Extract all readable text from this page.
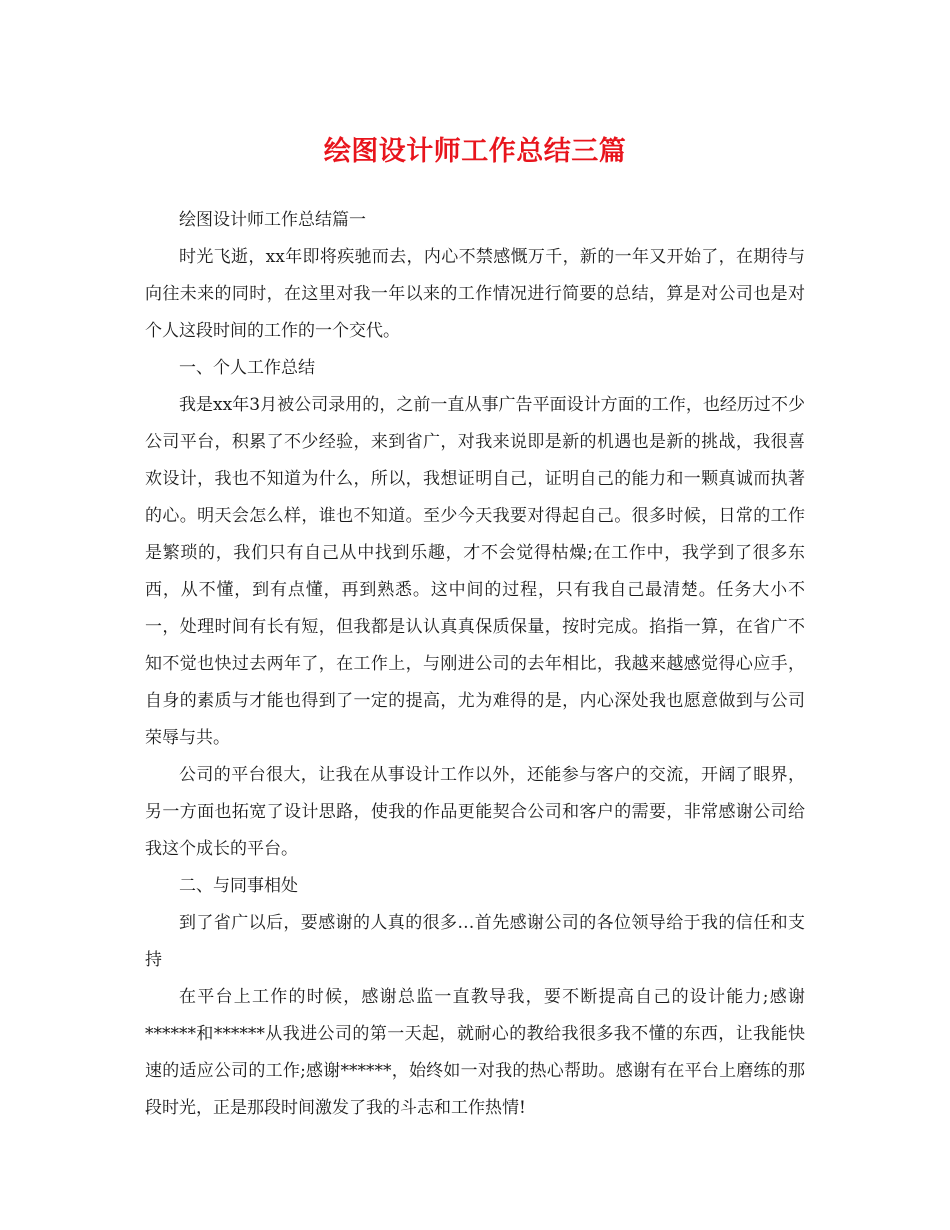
绘图设计师工作总结三篇

绘图设计师工作总结篇一

时光飞逝，xx年即将疾驰而去，内心不禁感慨万千，新的一年又开始了，在期待与向往未来的同时，在这里对我一年以来的工作情况进行简要的总结，算是对公司也是对个人这段时间的工作的一个交代。

一、个人工作总结

我是xx年3月被公司录用的，之前一直从事广告平面设计方面的工作，也经历过不少公司平台，积累了不少经验，来到省广，对我来说即是新的机遇也是新的挑战，我很喜欢设计，我也不知道为什么，所以，我想证明自己，证明自己的能力和一颗真诚而执著的心。明天会怎么样，谁也不知道。至少今天我要对得起自己。很多时候，日常的工作是繁琐的，我们只有自己从中找到乐趣，才不会觉得枯燥;在工作中，我学到了很多东西，从不懂，到有点懂，再到熟悉。这中间的过程，只有我自己最清楚。任务大小不一，处理时间有长有短，但我都是认认真真保质保量，按时完成。掐指一算，在省广不知不觉也快过去两年了，在工作上，与刚进公司的去年相比，我越来越感觉得心应手，自身的素质与才能也得到了一定的提高，尤为难得的是，内心深处我也愿意做到与公司荣辱与共。

公司的平台很大，让我在从事设计工作以外，还能参与客户的交流，开阔了眼界，另一方面也拓宽了设计思路，使我的作品更能契合公司和客户的需要，非常感谢公司给我这个成长的平台。

二、与同事相处

到了省广以后，要感谢的人真的很多…首先感谢公司的各位领导给于我的信任和支持

在平台上工作的时候，感谢总监一直教导我，要不断提高自己的设计能力;感谢******和******从我进公司的第一天起，就耐心的教给我很多我不懂的东西，让我能快速的适应公司的工作;感谢******，始终如一对我的热心帮助。感谢有在平台上磨练的那段时光，正是那段时间激发了我的斗志和工作热情!
